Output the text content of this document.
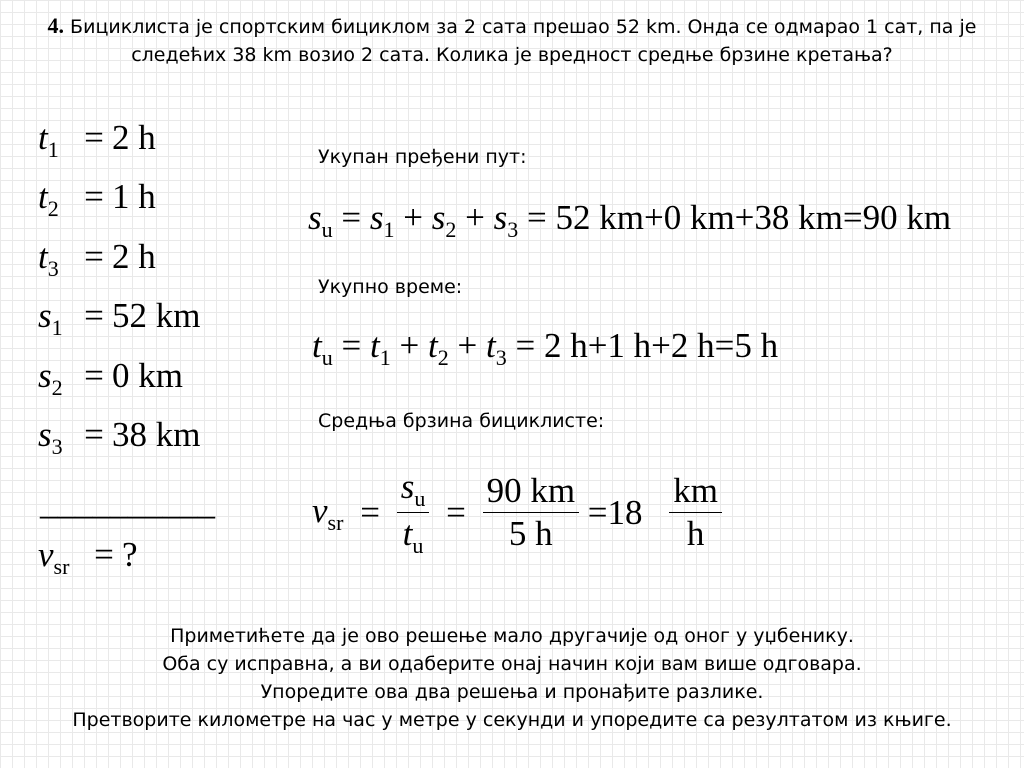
4. Бициклиста је спортским бициклом за 2 сата прешао 52 km. Онда се одмарао 1 сат, па је следећих 38 km возио 2 сата. Колика је вредност средње брзине кретања?
$t_1 = 2$ h
$t_2 = 1$ h
$t_3 = 2$ h
$s_1 = 52$ km
$s_2 = 0$ km
$s_3 = 38$ km
__________
$v_{sr}$ = ?
Укупан пређени пут:
$s_u = s_1 + s_2 + s_3 = 52$ km+0 km+38 km=90 km
Укупно време:
$t_u = t_1 + t_2 + t_3 = 2$ h+1 h+2 h=5 h
Средња брзина бициклисте:
$v_{sr} = \frac{s_u}{t_u} = \frac{90 km}{5 h} =18 \frac{km}{h}$
Приметићете да је ово решење мало другачије од оног у уџбенику.
Оба су исправна, а ви одаберите онај начин који вам више одговара.
Упоредите ова два решења и пронађите разлике.
Претворите километре на час у метре у секунди и упоредите са резултатом из књиге.
